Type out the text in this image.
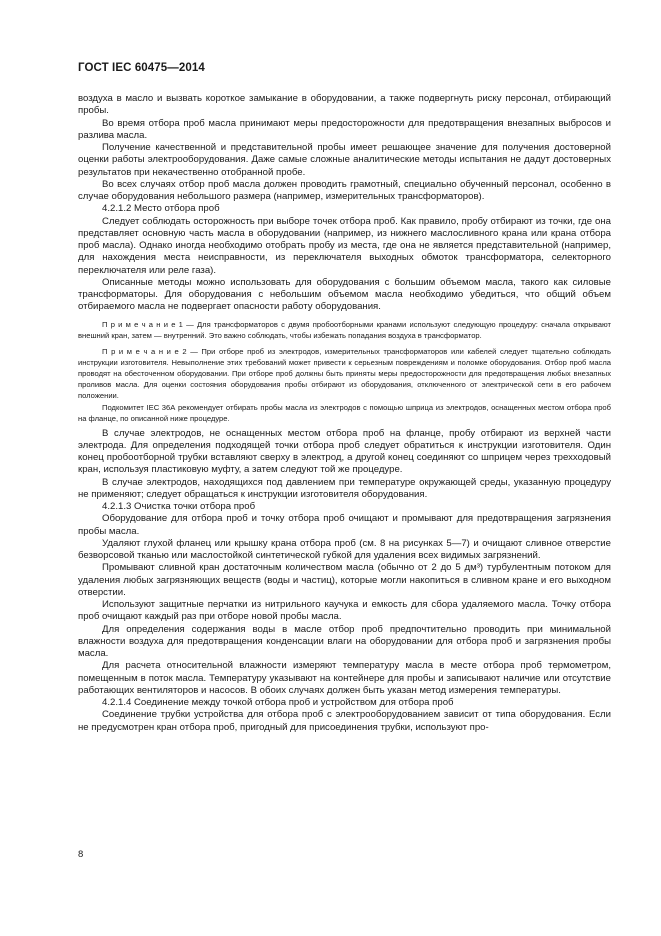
ГОСТ IEC 60475—2014

воздуха в масло и вызвать короткое замыкание в оборудовании, а также подвергнуть риску персонал, отбирающий пробы.

Во время отбора проб масла принимают меры предосторожности для предотвращения внезапных выбросов и разлива масла.

Получение качественной и представительной пробы имеет решающее значение для получения достоверной оценки работы электрооборудования. Даже самые сложные аналитические методы испытания не дадут достоверных результатов при некачественно отобранной пробе.

Во всех случаях отбор проб масла должен проводить грамотный, специально обученный персонал, особенно в случае оборудования небольшого размера (например, измерительных трансформаторов).

4.2.1.2 Место отбора проб

Следует соблюдать осторожность при выборе точек отбора проб. Как правило, пробу отбирают из точки, где она представляет основную часть масла в оборудовании (например, из нижнего маслосливного крана или крана отбора проб масла). Однако иногда необходимо отобрать пробу из места, где она не является представительной (например, для нахождения места неисправности, из переключателя выходных обмоток трансформатора, селекторного переключателя или реле газа).

Описанные методы можно использовать для оборудования с большим объемом масла, такого как силовые трансформаторы. Для оборудования с небольшим объемом масла необходимо убедиться, что общий объем отбираемого масла не подвергает опасности работу оборудования.

П р и м е ч а н и е 1 — Для трансформаторов с двумя пробоотборными кранами используют следующую процедуру: сначала открывают внешний кран, затем — внутренний. Это важно соблюдать, чтобы избежать попадания воздуха в трансформатор.

П р и м е ч а н и е 2 — При отборе проб из электродов, измерительных трансформаторов или кабелей следует тщательно соблюдать инструкции изготовителя. Невыполнение этих требований может привести к серьезным повреждениям и поломке оборудования. Отбор проб масла проводят на обесточенном оборудовании. При отборе проб должны быть приняты меры предосторожности для предотвращения любых внезапных проливов масла. Для оценки состояния оборудования пробы отбирают из оборудования, отключенного от электрической сети в его рабочем положении.

Подкомитет IEC 36А рекомендует отбирать пробы масла из электродов с помощью шприца из электродов, оснащенных местом отбора проб на фланце, по описанной ниже процедуре.

В случае электродов, не оснащенных местом отбора проб на фланце, пробу отбирают из верхней части электрода. Для определения подходящей точки отбора проб следует обратиться к инструкции изготовителя. Один конец пробоотборной трубки вставляют сверху в электрод, а другой конец соединяют со шприцем через трехходовый кран, используя пластиковую муфту, а затем следуют той же процедуре.

В случае электродов, находящихся под давлением при температуре окружающей среды, указанную процедуру не применяют; следует обращаться к инструкции изготовителя оборудования.

4.2.1.3 Очистка точки отбора проб

Оборудование для отбора проб и точку отбора проб очищают и промывают для предотвращения загрязнения пробы масла.

Удаляют глухой фланец или крышку крана отбора проб (см. 8 на рисунках 5—7) и очищают сливное отверстие безворсовой тканью или маслостойкой синтетической губкой для удаления всех видимых загрязнений.

Промывают сливной кран достаточным количеством масла (обычно от 2 до 5 дм³) турбулентным потоком для удаления любых загрязняющих веществ (воды и частиц), которые могли накопиться в сливном кране и его выходном отверстии.

Используют защитные перчатки из нитрильного каучука и емкость для сбора удаляемого масла. Точку отбора проб очищают каждый раз при отборе новой пробы масла.

Для определения содержания воды в масле отбор проб предпочтительно проводить при минимальной влажности воздуха для предотвращения конденсации влаги на оборудовании для отбора проб и загрязнения пробы масла.

Для расчета относительной влажности измеряют температуру масла в месте отбора проб термометром, помещенным в поток масла. Температуру указывают на контейнере для пробы и записывают наличие или отсутствие работающих вентиляторов и насосов. В обоих случаях должен быть указан метод измерения температуры.

4.2.1.4 Соединение между точкой отбора проб и устройством для отбора проб

Соединение трубки устройства для отбора проб с электрооборудованием зависит от типа оборудования. Если не предусмотрен кран отбора проб, пригодный для присоединения трубки, используют про-

8
